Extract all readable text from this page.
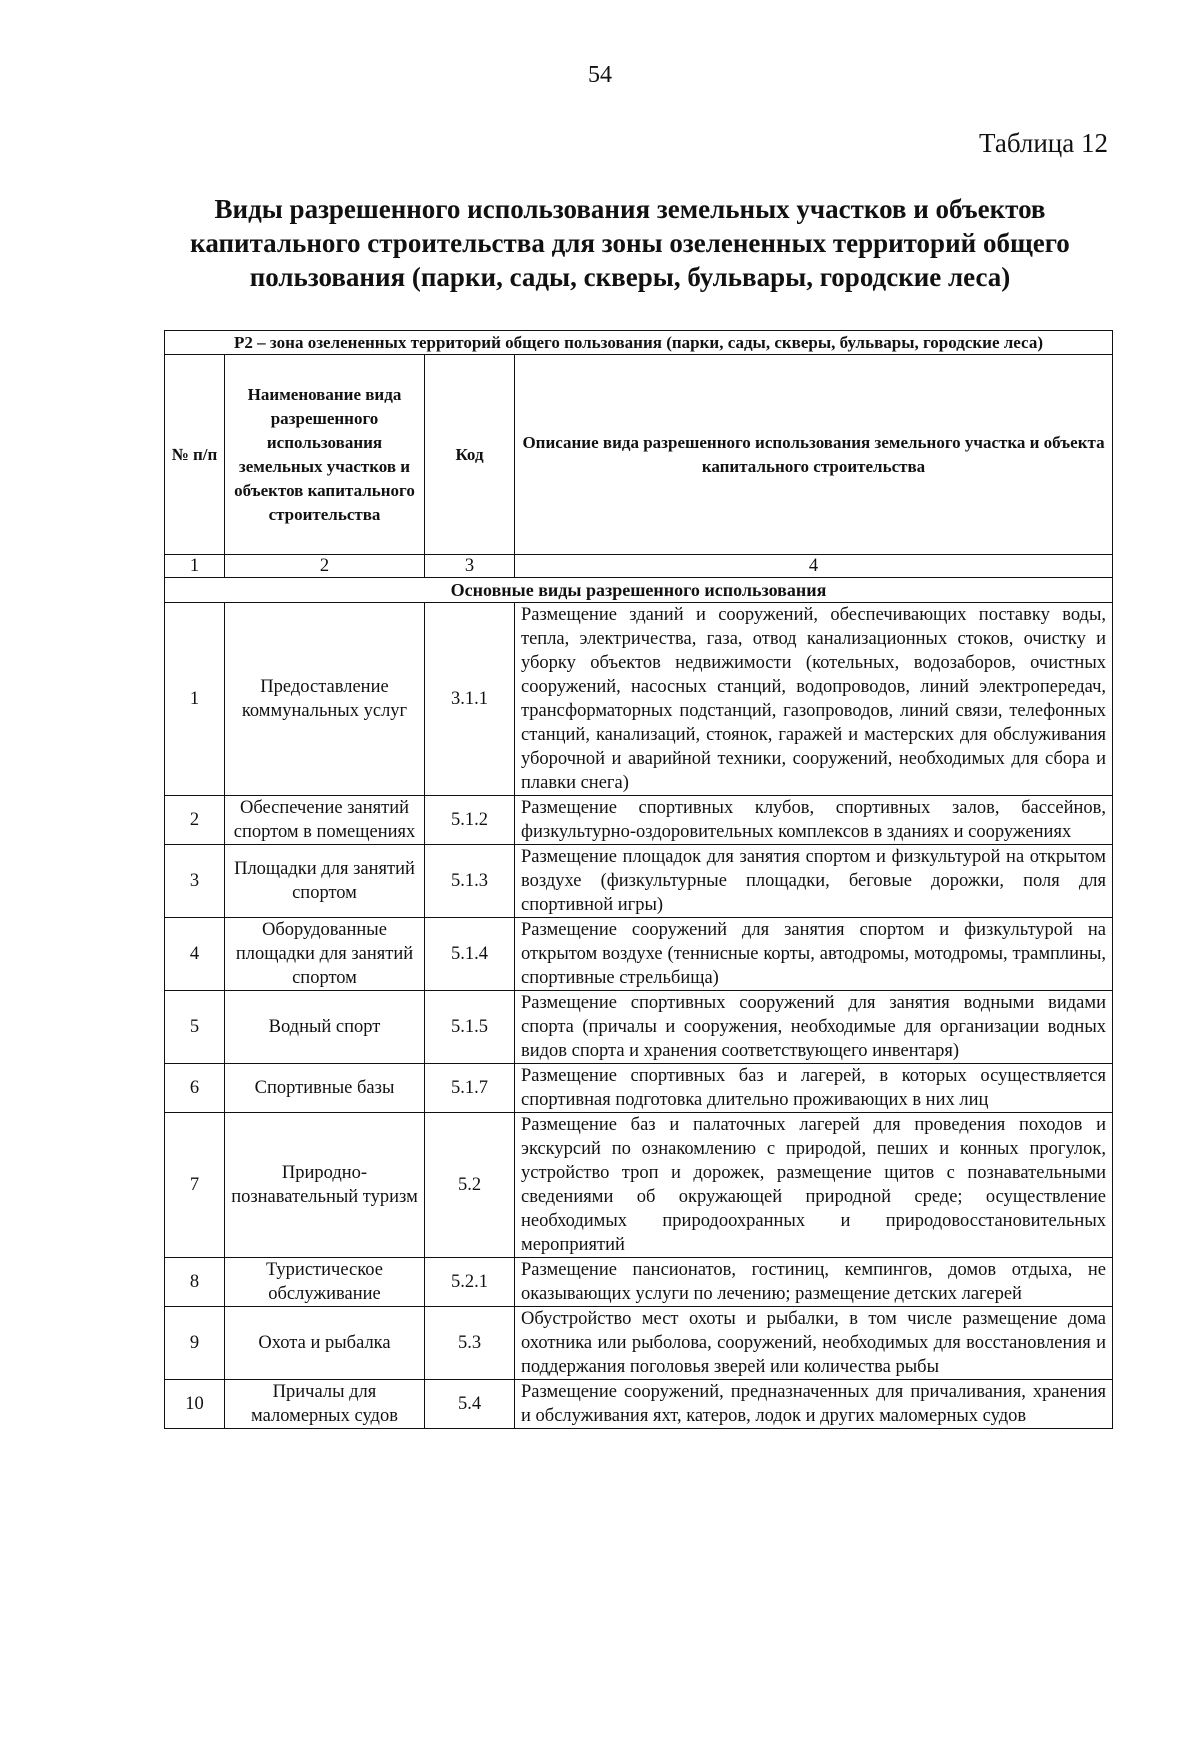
54
Таблица 12
Виды разрешенного использования земельных участков и объектов капитального строительства для зоны озелененных территорий общего пользования (парки, сады, скверы, бульвары, городские леса)
Р2 – зона озелененных территорий общего пользования (парки, сады, скверы, бульвары, городские леса)			
№ п/п	Наименование вида разрешенного использования земельных участков и объектов капитального строительства	Код	Описание вида разрешенного использования земельного участка и объекта капитального строительства
1	2	3	4
Основные виды разрешенного использования			
1	Предоставление коммунальных услуг	3.1.1	Размещение зданий и сооружений, обеспечивающих поставку воды, тепла, электричества, газа, отвод канализационных стоков, очистку и уборку объектов недвижимости (котельных, водозаборов, очистных сооружений, насосных станций, водопроводов, линий электропередач, трансформаторных подстанций, газопроводов, линий связи, телефонных станций, канализаций, стоянок, гаражей и мастерских для обслуживания уборочной и аварийной техники, сооружений, необходимых для сбора и плавки снега)
2	Обеспечение занятий спортом в помещениях	5.1.2	Размещение спортивных клубов, спортивных залов, бассейнов, физкультурно-оздоровительных комплексов в зданиях и сооружениях
3	Площадки для занятий спортом	5.1.3	Размещение площадок для занятия спортом и физкультурой на открытом воздухе (физкультурные площадки, беговые дорожки, поля для спортивной игры)
4	Оборудованные площадки для занятий спортом	5.1.4	Размещение сооружений для занятия спортом и физкультурой на открытом воздухе (теннисные корты, автодромы, мотодромы, трамплины, спортивные стрельбища)
5	Водный спорт	5.1.5	Размещение спортивных сооружений для занятия водными видами спорта (причалы и сооружения, необходимые для организации водных видов спорта и хранения соответствующего инвентаря)
6	Спортивные базы	5.1.7	Размещение спортивных баз и лагерей, в которых осуществляется спортивная подготовка длительно проживающих в них лиц
7	Природно-познавательный туризм	5.2	Размещение баз и палаточных лагерей для проведения походов и экскурсий по ознакомлению с природой, пеших и конных прогулок, устройство троп и дорожек, размещение щитов с познавательными сведениями об окружающей природной среде; осуществление необходимых природоохранных и природовосстановительных мероприятий
8	Туристическое обслуживание	5.2.1	Размещение пансионатов, гостиниц, кемпингов, домов отдыха, не оказывающих услуги по лечению; размещение детских лагерей
9	Охота и рыбалка	5.3	Обустройство мест охоты и рыбалки, в том числе размещение дома охотника или рыболова, сооружений, необходимых для восстановления и поддержания поголовья зверей или количества рыбы
10	Причалы для маломерных судов	5.4	Размещение сооружений, предназначенных для причаливания, хранения и обслуживания яхт, катеров, лодок и других маломерных судов
